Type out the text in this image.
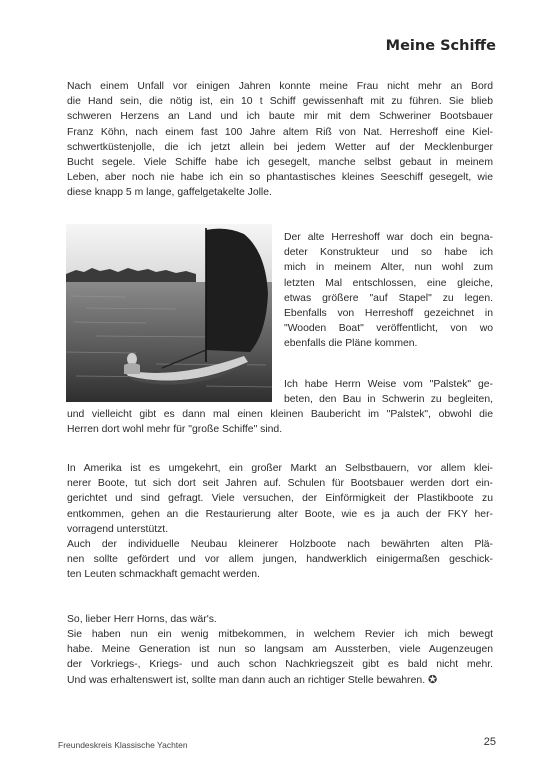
Meine Schiffe
Nach einem Unfall vor einigen Jahren konnte meine Frau nicht mehr an Bord
die Hand sein, die nötig ist, ein 10 t Schiff gewissenhaft mit zu führen. Sie blieb
schweren Herzens an Land und ich baute mir mit dem Schweriner Bootsbauer
Franz Köhn, nach einem fast 100 Jahre altem Riß von Nat. Herreshoff eine Kiel-
schwertküstenjolle, die ich jetzt allein bei jedem Wetter auf der Mecklenburger
Bucht segele. Viele Schiffe habe ich gesegelt, manche selbst gebaut in meinem
Leben, aber noch nie habe ich ein so phantastisches kleines Seeschiff gesegelt, wie
diese knapp 5 m lange, gaffelgetakelte Jolle.
Der alte Herreshoff war doch ein begna-
deter Konstrukteur und so habe ich
mich in meinem Alter, nun wohl zum
letzten Mal entschlossen, eine gleiche,
etwas größere "auf Stapel" zu legen.
Ebenfalls von Herreshoff gezeichnet in
"Wooden Boat" veröffentlicht, von wo
ebenfalls die Pläne kommen.
Ich habe Herrn Weise vom "Palstek" ge-
beten, den Bau in Schwerin zu begleiten,
und vielleicht gibt es dann mal einen kleinen Baubericht im "Palstek", obwohl die
Herren dort wohl mehr für "große Schiffe" sind.
In Amerika ist es umgekehrt, ein großer Markt an Selbstbauern, vor allem klei-
nerer Boote, tut sich dort seit Jahren auf. Schulen für Bootsbauer werden dort ein-
gerichtet und sind gefragt. Viele versuchen, der Einförmigkeit der Plastikboote zu
entkommen, gehen an die Restaurierung alter Boote, wie es ja auch der FKY her-
vorragend unterstützt.
Auch der individuelle Neubau kleinerer Holzboote nach bewährten alten Plä-
nen sollte gefördert und vor allem jungen, handwerklich einigermaßen geschick-
ten Leuten schmackhaft gemacht werden.
So, lieber Herr Horns, das wär's.
Sie haben nun ein wenig mitbekommen, in welchem Revier ich mich bewegt
habe. Meine Generation ist nun so langsam am Aussterben, viele Augenzeugen
der Vorkriegs-, Kriegs- und auch schon Nachkriegszeit gibt es bald nicht mehr.
Und was erhaltenswert ist, sollte man dann auch an richtiger Stelle bewahren. ✪
Freundeskreis Klassische Yachten	25
